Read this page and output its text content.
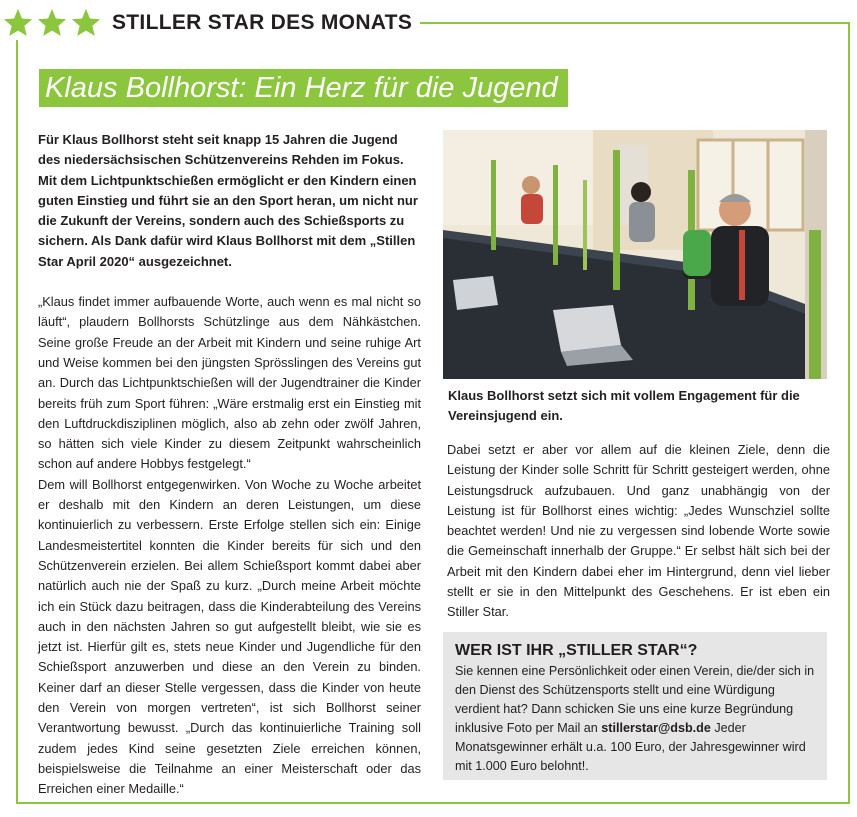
STILLER STAR DES MONATS
Klaus Bollhorst: Ein Herz für die Jugend

Für Klaus Bollhorst steht seit knapp 15 Jahren die Jugend des niedersächsischen Schützenvereins Rehden im Fokus. Mit dem Lichtpunktschießen ermöglicht er den Kindern einen guten Einstieg und führt sie an den Sport heran, um nicht nur die Zukunft der Vereins, sondern auch des Schießsports zu sichern. Als Dank dafür wird Klaus Bollhorst mit dem „Stillen Star April 2020“ ausgezeichnet.

„Klaus findet immer aufbauende Worte, auch wenn es mal nicht so läuft“, plaudern Bollhorsts Schützlinge aus dem Nähkästchen. Seine große Freude an der Arbeit mit Kindern und seine ruhige Art und Weise kommen bei den jüngsten Sprösslingen des Vereins gut an. Durch das Lichtpunktschießen will der Jugendtrainer die Kinder bereits früh zum Sport führen: „Wäre erstmalig erst ein Einstieg mit den Luftdruckdisziplinen möglich, also ab zehn oder zwölf Jahren, so hätten sich viele Kinder zu diesem Zeitpunkt wahrscheinlich schon auf andere Hobbys festgelegt.“

Dem will Bollhorst entgegenwirken. Von Woche zu Woche arbeitet er deshalb mit den Kindern an deren Leistungen, um diese kontinuierlich zu verbessern. Erste Erfolge stellen sich ein: Einige Landesmeistertitel konnten die Kinder bereits für sich und den Schützenverein erzielen. Bei allem Schießsport kommt dabei aber natürlich auch nie der Spaß zu kurz. „Durch meine Arbeit möchte ich ein Stück dazu beitragen, dass die Kinderabteilung des Vereins auch in den nächsten Jahren so gut aufgestellt bleibt, wie sie es jetzt ist. Hierfür gilt es, stets neue Kinder und Jugendliche für den Schießsport anzuwerben und diese an den Verein zu binden. Keiner darf an dieser Stelle vergessen, dass die Kinder von heute den Verein von morgen vertreten“, ist sich Bollhorst seiner Verantwortung bewusst. „Durch das kontinuierliche Training soll zudem jedes Kind seine gesetzten Ziele erreichen können, beispielsweise die Teilnahme an einer Meisterschaft oder das Erreichen einer Medaille.“

Klaus Bollhorst setzt sich mit vollem Engagement für die Vereinsjugend ein.

Dabei setzt er aber vor allem auf die kleinen Ziele, denn die Leistung der Kinder solle Schritt für Schritt gesteigert werden, ohne Leistungsdruck aufzubauen. Und ganz unabhängig von der Leistung ist für Bollhorst eines wichtig: „Jedes Wunschziel sollte beachtet werden! Und nie zu vergessen sind lobende Worte sowie die Gemeinschaft innerhalb der Gruppe.“ Er selbst hält sich bei der Arbeit mit den Kindern dabei eher im Hintergrund, denn viel lieber stellt er sie in den Mittelpunkt des Geschehens. Er ist eben ein Stiller Star.

WER IST IHR „STILLER STAR“?

Sie kennen eine Persönlichkeit oder einen Verein, die/der sich in den Dienst des Schützensports stellt und eine Würdigung verdient hat? Dann schicken Sie uns eine kurze Begründung inklusive Foto per Mail an stillerstar@dsb.de Jeder Monatsgewinner erhält u.a. 100 Euro, der Jahresgewinner wird mit 1.000 Euro belohnt!.
